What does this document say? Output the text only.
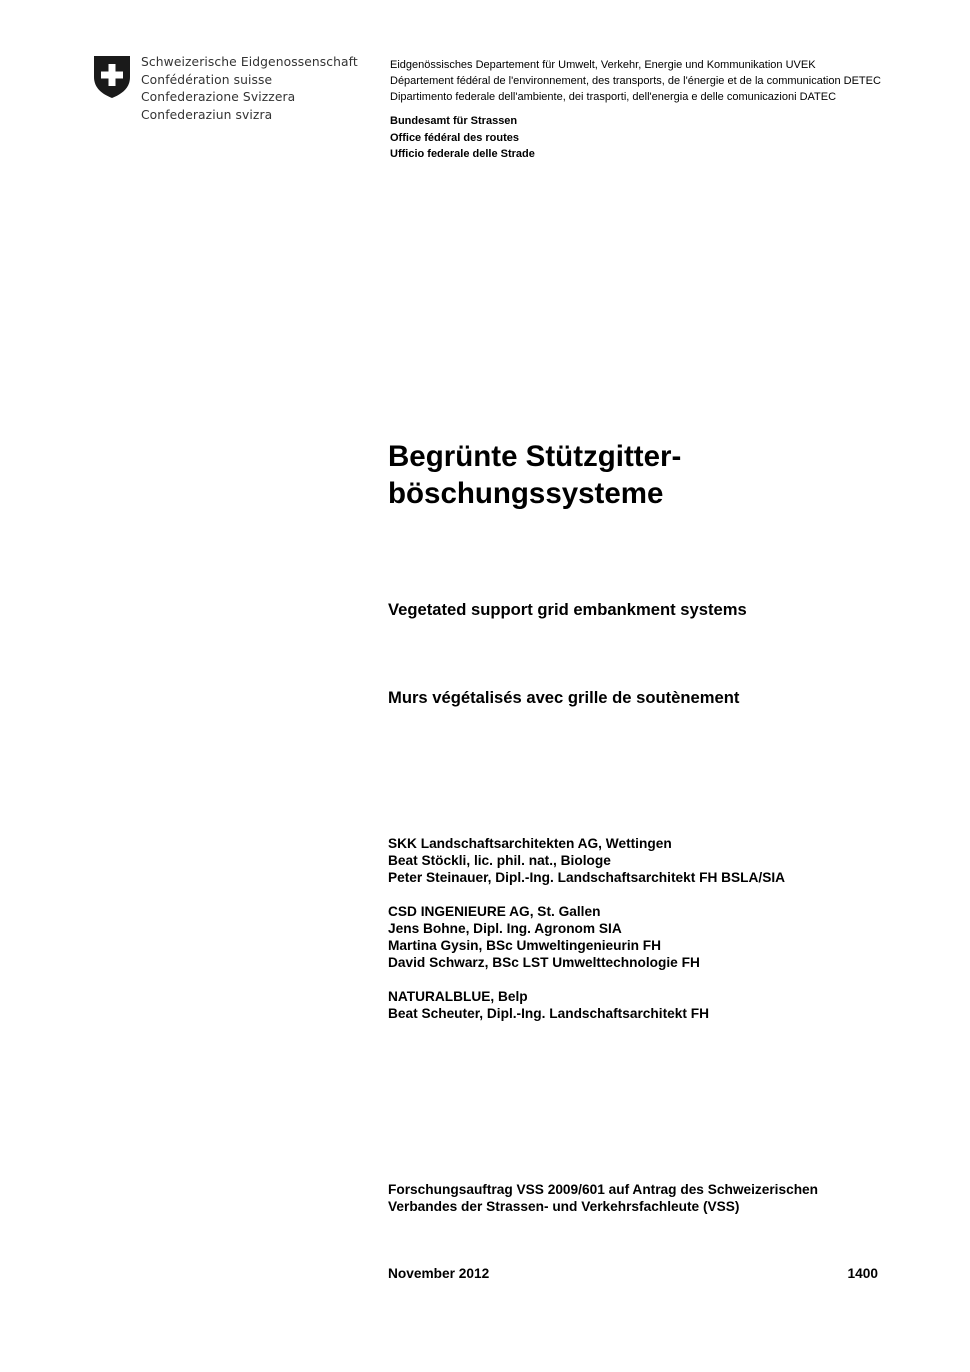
Schweizerische Eidgenossenschaft
Confédération suisse
Confederazione Svizzera
Confederaziun svizra
Eidgenössisches Departement für Umwelt, Verkehr, Energie und Kommunikation UVEK
Département fédéral de l'environnement, des transports, de l'énergie et de la communication DETEC
Dipartimento federale dell'ambiente, dei trasporti, dell'energia e delle comunicazioni DATEC
Bundesamt für Strassen
Office fédéral des routes
Ufficio federale delle Strade
Begrünte Stützgitter-
böschungssysteme
Vegetated support grid embankment systems
Murs végétalisés avec grille de soutènement
SKK Landschaftsarchitekten AG, Wettingen
Beat Stöckli, lic. phil. nat., Biologe
Peter Steinauer, Dipl.-Ing. Landschaftsarchitekt FH BSLA/SIA
CSD INGENIEURE AG, St. Gallen
Jens Bohne, Dipl. Ing. Agronom SIA
Martina Gysin, BSc Umweltingenieurin FH
David Schwarz, BSc LST Umwelttechnologie FH
NATURALBLUE, Belp
Beat Scheuter, Dipl.-Ing. Landschaftsarchitekt FH
Forschungsauftrag VSS 2009/601 auf Antrag des Schweizerischen
Verbandes der Strassen- und Verkehrsfachleute (VSS)
November 2012	1400
